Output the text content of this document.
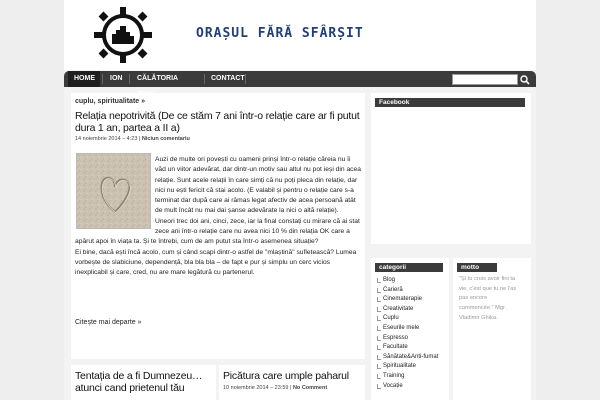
ORAȘUL FĂRĂ SFÂRȘIT
HOME	ION	CĂLĂTORIA	CONTACT
cuplu, spiritualitate »
Relația nepotrivită (De ce stăm 7 ani într-o relație care ar fi putut dura 1 an, partea a II a)
14 noiembrie 2014 – 4:23 | Niciun comentariu

Auzi de multe ori povești cu oameni prinși într-o relație căreia nu îi văd un viitor adevărat, dar dintr-un motiv sau altul nu pot ieși din acea relație. Sunt acele relații în care simți că nu poți pleca din relație, dar nici nu ești fericit că stai acolo. (E valabil și pentru o relație care s-a terminat dar după care ai rămas legat afectiv de acea persoană atât de mult încât nu mai dai șanse adevărate la nici o altă relație).

Uneori trec doi ani, cinci, zece, iar la final constați cu mirare că ai stat zece ani într-o relație care nu avea nici 10 % din relația OK care a apărut apoi în viața ta. Și te întrebi, cum de am putut sta într-o asemenea situație?

Ei bine, dacă ești încă acolo, cum și când scapi dintr-o astfel de "mlaștină" sufletească? Lumea vorbește de slabiciune, dependență, bla bla bla – de fapt e pur și simplu un cerc vicios inexplicabil și care, cred, nu are mare legătură cu partenerul.

Citește mai departe »
Tentația de a fi Dumnezeu… atunci cand prietenul tău
Picătura care umple paharul
10 noiembrie 2014 – 23:59 | No Comment
Facebook
categorii
Blog
Carieră
Cinematerapie
Creativitate
Cuplu
Eseurile mele
Espresso
Facultate
Sănătate&Anti-fumat
Spiritualitate
Training
Vocație
motto
"Și tu crois avoir fini ta
vie, c'est que tu ne l'as
pas encore
commencée." Mgr.
Vladimir Ghika.
